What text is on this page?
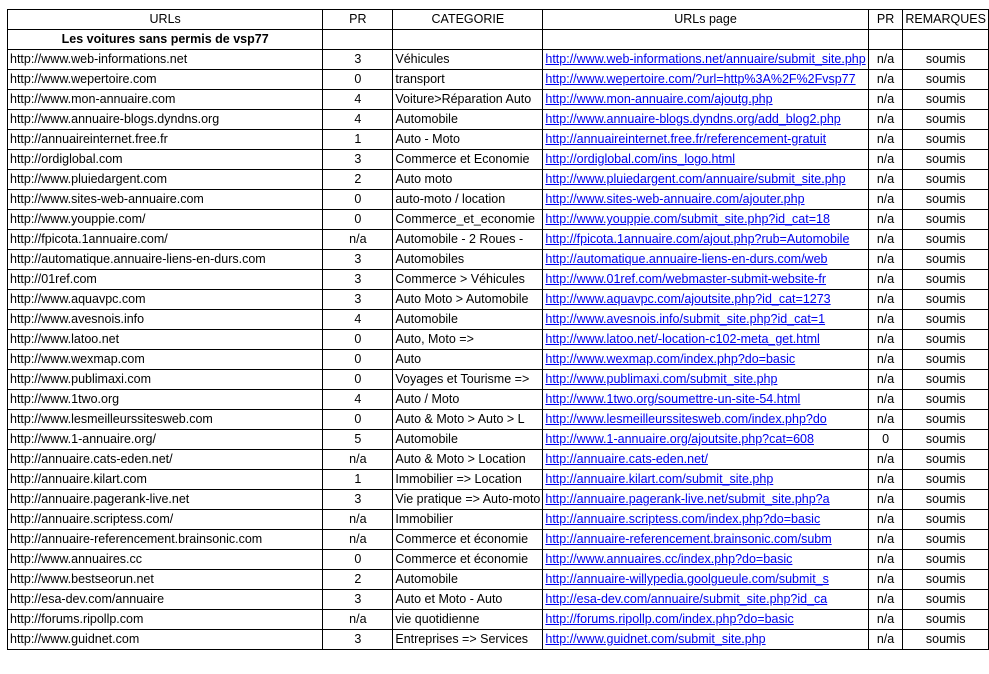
URLs	PR	CATEGORIE	URLs page	PR	REMARQUES
Les voitures sans permis de vsp77					
http://www.web-informations.net	3	Véhicules	http://www.web-informations.net/annuaire/submit_site.php	n/a	soumis
http://www.wepertoire.com	0	transport	http://www.wepertoire.com/?url=http%3A%2F%2Fvsp77	n/a	soumis
http://www.mon-annuaire.com	4	Voiture>Réparation Auto	http://www.mon-annuaire.com/ajoutg.php	n/a	soumis
http://www.annuaire-blogs.dyndns.org	4	Automobile	http://www.annuaire-blogs.dyndns.org/add_blog2.php	n/a	soumis
http://annuaireinternet.free.fr	1	Auto - Moto	http://annuaireinternet.free.fr/referencement-gratuit	n/a	soumis
http://ordiglobal.com	3	Commerce et Economie	http://ordiglobal.com/ins_logo.html	n/a	soumis
http://www.pluiedargent.com	2	Auto moto	http://www.pluiedargent.com/annuaire/submit_site.php	n/a	soumis
http://www.sites-web-annuaire.com	0	auto-moto / location	http://www.sites-web-annuaire.com/ajouter.php	n/a	soumis
http://www.youppie.com/	0	Commerce_et_economie	http://www.youppie.com/submit_site.php?id_cat=18	n/a	soumis
http://fpicota.1annuaire.com/	n/a	Automobile - 2 Roues -	http://fpicota.1annuaire.com/ajout.php?rub=Automobile	n/a	soumis
http://automatique.annuaire-liens-en-durs.com	3	Automobiles	http://automatique.annuaire-liens-en-durs.com/web	n/a	soumis
http://01ref.com	3	Commerce > Véhicules	http://www.01ref.com/webmaster-submit-website-fr	n/a	soumis
http://www.aquavpc.com	3	Auto Moto > Automobile	http://www.aquavpc.com/ajoutsite.php?id_cat=1273	n/a	soumis
http://www.avesnois.info	4	Automobile	http://www.avesnois.info/submit_site.php?id_cat=1	n/a	soumis
http://www.latoo.net	0	Auto, Moto =>	http://www.latoo.net/-location-c102-meta_get.html	n/a	soumis
http://www.wexmap.com	0	Auto	http://www.wexmap.com/index.php?do=basic	n/a	soumis
http://www.publimaxi.com	0	Voyages et Tourisme =>	http://www.publimaxi.com/submit_site.php	n/a	soumis
http://www.1two.org	4	Auto / Moto	http://www.1two.org/soumettre-un-site-54.html	n/a	soumis
http://www.lesmeilleurssitesweb.com	0	Auto & Moto > Auto > L	http://www.lesmeilleurssitesweb.com/index.php?do	n/a	soumis
http://www.1-annuaire.org/	5	Automobile	http://www.1-annuaire.org/ajoutsite.php?cat=608	0	soumis
http://annuaire.cats-eden.net/	n/a	Auto & Moto > Location	http://annuaire.cats-eden.net/	n/a	soumis
http://annuaire.kilart.com	1	Immobilier => Location	http://annuaire.kilart.com/submit_site.php	n/a	soumis
http://annuaire.pagerank-live.net	3	Vie pratique => Auto-moto	http://annuaire.pagerank-live.net/submit_site.php?a	n/a	soumis
http://annuaire.scriptess.com/	n/a	Immobilier	http://annuaire.scriptess.com/index.php?do=basic	n/a	soumis
http://annuaire-referencement.brainsonic.com	n/a	Commerce et économie	http://annuaire-referencement.brainsonic.com/subm	n/a	soumis
http://www.annuaires.cc	0	Commerce et économie	http://www.annuaires.cc/index.php?do=basic	n/a	soumis
http://www.bestseorun.net	2	Automobile	http://annuaire-willypedia.goolgueule.com/submit_s	n/a	soumis
http://esa-dev.com/annuaire	3	Auto et Moto - Auto	http://esa-dev.com/annuaire/submit_site.php?id_ca	n/a	soumis
http://forums.ripollp.com	n/a	vie quotidienne	http://forums.ripollp.com/index.php?do=basic	n/a	soumis
http://www.guidnet.com	3	Entreprises => Services	http://www.guidnet.com/submit_site.php	n/a	soumis
